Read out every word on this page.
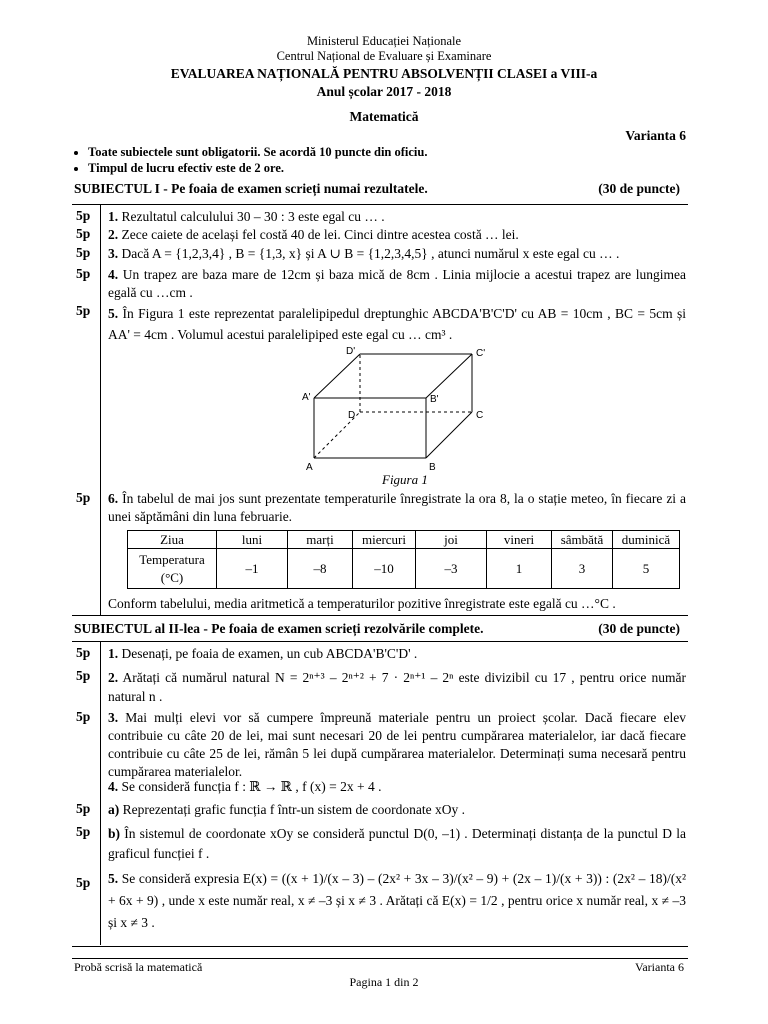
Ministerul Educației Naționale
Centrul Național de Evaluare și Examinare
EVALUAREA NAȚIONALĂ PENTRU ABSOLVENȚII CLASEI a VIII-a
Anul școlar 2017 - 2018
Matematică
Varianta 6
• Toate subiectele sunt obligatorii. Se acordă 10 puncte din oficiu.
• Timpul de lucru efectiv este de 2 ore.
SUBIECTUL I - Pe foaia de examen scrieți numai rezultatele.	(30 de puncte)
5p	1. Rezultatul calculului 30 – 30 : 3 este egal cu … .
5p	2. Zece caiete de același fel costă 40 de lei. Cinci dintre acestea costă … lei.
5p	3. Dacă A = {1,2,3,4} , B = {1,3, x} și A ∪ B = {1,2,3,4,5} , atunci numărul x este egal cu … .
5p	4. Un trapez are baza mare de 12cm și baza mică de 8cm . Linia mijlocie a acestui trapez are lungimea egală cu …cm .
5p	5. În Figura 1 este reprezentat paralelipipedul dreptunghic ABCDA'B'C'D' cu AB = 10cm , BC = 5cm și AA' = 4cm . Volumul acestui paralelipiped este egal cu … cm³ .
D'	C'
A'	B'
D	C
A	B
Figura 1
5p	6. În tabelul de mai jos sunt prezentate temperaturile înregistrate la ora 8, la o stație meteo, în fiecare zi a unei săptămâni din luna februarie.
Ziua	luni	marți	miercuri	joi	vineri	sâmbătă	duminică
Temperatura (°C)	–1	–8	–10	–3	1	3	5
Conform tabelului, media aritmetică a temperaturilor pozitive înregistrate este egală cu …°C .
SUBIECTUL al II-lea - Pe foaia de examen scrieți rezolvările complete.	(30 de puncte)
5p	1. Desenați, pe foaia de examen, un cub ABCDA'B'C'D' .
5p	2. Arătați că numărul natural N = 2ⁿ⁺³ – 2ⁿ⁺² + 7 · 2ⁿ⁺¹ – 2ⁿ este divizibil cu 17 , pentru orice număr natural n .
5p	3. Mai mulți elevi vor să cumpere împreună materiale pentru un proiect școlar. Dacă fiecare elev contribuie cu câte 20 de lei, mai sunt necesari 20 de lei pentru cumpărarea materialelor, iar dacă fiecare contribuie cu câte 25 de lei, rămân 5 lei după cumpărarea materialelor. Determinați suma necesară pentru cumpărarea materialelor.
4. Se consideră funcția f : ℝ → ℝ , f (x) = 2x + 4 .
5p	a) Reprezentați grafic funcția f într-un sistem de coordonate xOy .
5p	b) În sistemul de coordonate xOy se consideră punctul D(0, –1) . Determinați distanța de la punctul D la graficul funcției f .
5p	5. Se consideră expresia E(x) = ((x + 1)/(x – 3) – (2x² + 3x – 3)/(x² – 9) + (2x – 1)/(x + 3)) : (2x² – 18)/(x² + 6x + 9) , unde x este număr real, x ≠ –3 și x ≠ 3 . Arătați că E(x) = 1/2 , pentru orice x număr real, x ≠ –3 și x ≠ 3 .
Probă scrisă la matematică	Varianta 6
Pagina 1 din 2
